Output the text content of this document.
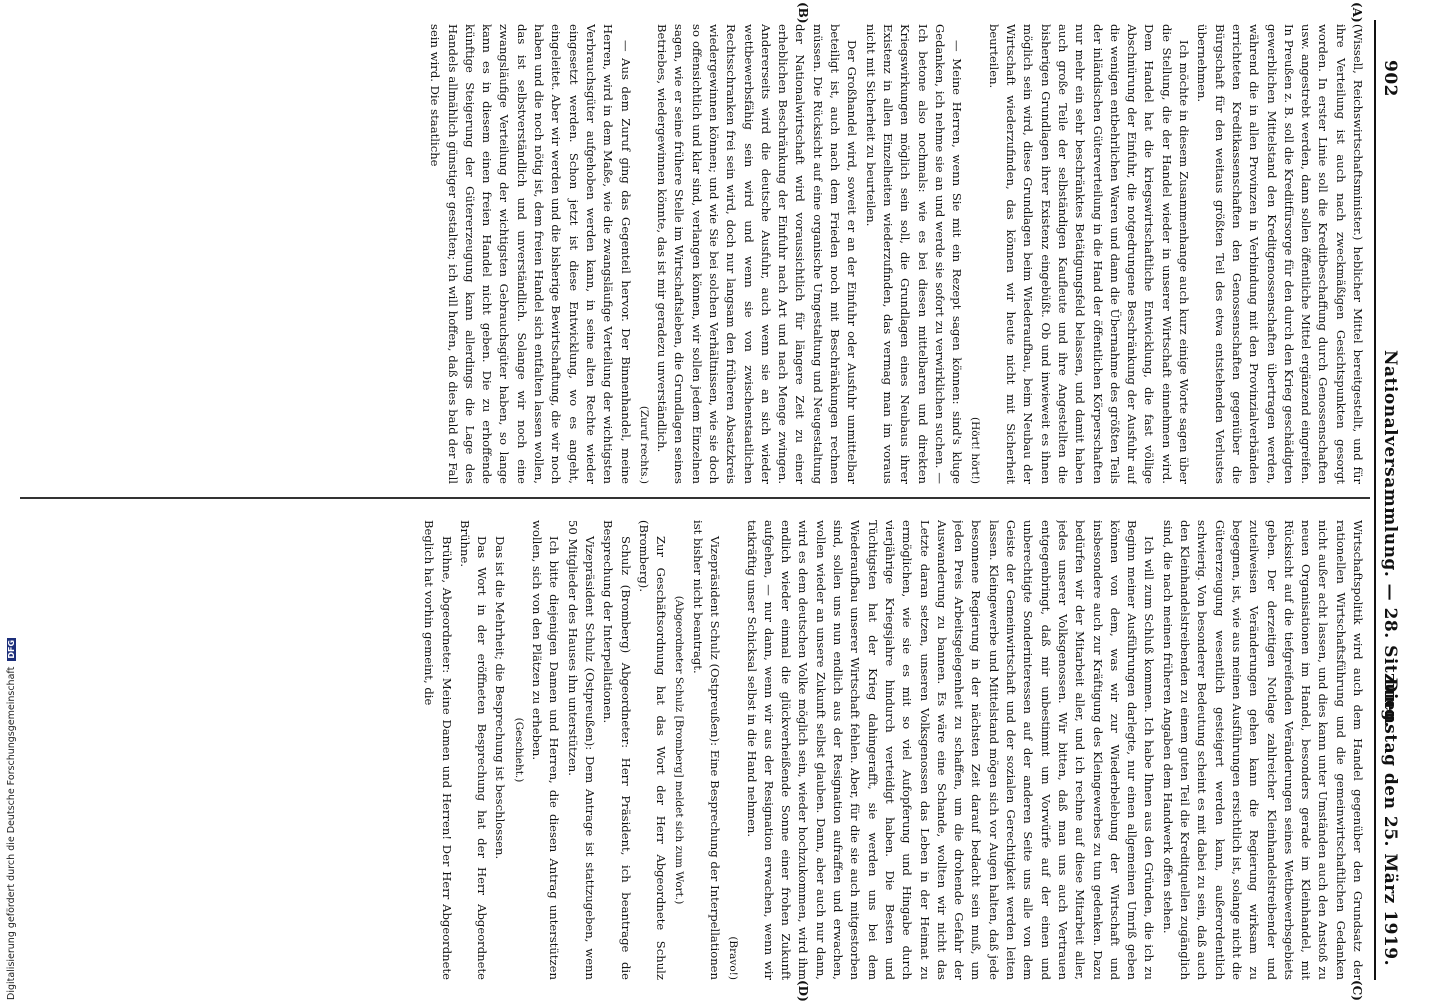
902
Nationalversammlung. — 28. Sitzung.
Dienstag den 25. März 1919.
(A)
(B)
(C)
(D)

(Wissell, Reichswirtschaftsminister.) heblicher Mittel bereitgestellt, und für ihre Verteilung ist auch nach zweckmäßigen Gesichtspunkten gesorgt worden. In erster Linie soll die Kreditbeschaffung durch Genossenschaften usw. angestrebt werden, dann sollen öffentliche Mittel ergänzend eingreifen. In Preußen z. B. soll die Kreditfürsorge für den durch den Krieg geschädigten gewerblichen Mittelstand den Kreditgenossenschaften übertragen werden, während die in allen Provinzen in Verbindung mit den Provinzialverbänden errichteten Kreditkassenschaften den Genossenschaften gegenüber die Bürgschaft für den weitaus größten Teil des etwa entstehenden Verlustes übernehmen.

Ich möchte in diesem Zusammenhange auch kurz einige Worte sagen über die Stellung, die der Handel wieder in unserer Wirtschaft einnehmen wird. Dem Handel hat die kriegswirtschaftliche Entwicklung, die fast völlige Abschnürung der Einfuhr, die notgedrungene Beschränkung der Ausfuhr auf die wenigen entbehrlichen Waren und dann die Übernahme des größten Teils der inländischen Güterverteilung in die Hand der öffentlichen Körperschaften nur mehr ein sehr beschränktes Betätigungsfeld belassen, und damit haben auch große Teile der selbständigen Kaufleute und ihre Angestellten die bisherigen Grundlagen ihrer Existenz eingebüßt. Ob und inwieweit es ihnen möglich sein wird, diese Grundlagen beim Wiederaufbau, beim Neubau der Wirtschaft wiederzufinden, das können wir heute nicht mit Sicherheit beurteilen.

(Hört! hört!)

— Meine Herren, wenn Sie mit ein Rezept sagen können: sind's kluge Gedanken, ich nehme sie an und werde sie sofort zu verwirklichen suchen. — Ich betone also nochmals: wie es bei diesen mittelbaren und direkten Kriegswirkungen möglich sein soll, die Grundlagen eines Neubaus ihrer Existenz in allen Einzelheiten wiederzufinden, das vermag man im voraus nicht mit Sicherheit zu beurteilen.

Der Großhandel wird, soweit er an der Einfuhr oder Ausfuhr unmittelbar beteiligt ist, auch nach dem Frieden noch mit Beschränkungen rechnen müssen. Die Rücksicht auf eine organische Umgestaltung und Neugestaltung der Nationalwirtschaft wird voraussichtlich für längere Zeit zu einer erheblichen Beschränkung der Einfuhr nach Art und nach Menge zwingen. Andererseits wird die deutsche Ausfuhr, auch wenn sie an sich wieder wettbewerbsfähig sein wird und wenn sie von zwischenstaatlichen Rechtsschranken frei sein wird, doch nur langsam den früheren Absatzkreis wiedergewinnen können; und wie Sie bei solchen Verhältnissen, wie sie doch so offensichtlich und klar sind, verlangen können, wir sollen jedem Einzelnen sagen, wie er seine frühere Stelle im Wirtschaftsleben, die Grundlagen seines Betriebes, wiedergewinnen könnte, das ist mir geradezu unverständlich.

(Zuruf rechts.)

— Aus dem Zuruf ging das Gegenteil hervor. Der Binnenhandel, meine Herren, wird in dem Maße, wie die zwangsläufige Verteilung der wichtigsten Verbrauchsgüter aufgehoben werden kann, in seine alten Rechte wieder eingesetzt werden. Schon jetzt ist diese Entwicklung, wo es angeht, eingeleitet. Aber wir werden und die bisherige Bewirtschaftung, die wir noch haben und die noch nötig ist, dem freien Handel sich entfalten lassen wollen, das ist selbstverständlich und unverständlich. Solange wir noch eine zwangsläufige Verteilung der wichtigsten Gebrauchsgüter haben, so lange kann es in diesem einen freien Handel nicht geben. Die zu erhoffende künftige Steigerung der Gütererzeugung kann allerdings die Lage des Handels allmählich günstiger gestalten; ich will hoffen, daß dies bald der Fall sein wird. Die staatliche

Wirtschaftspolitik wird auch dem Handel gegenüber den Grundsatz der rationellen Wirtschaftsführung und die gemeinwirtschaftlichen Gedanken nicht außer acht lassen, und dies kann unter Umständen auch den Anstoß zu neuen Organisationen im Handel, besonders gerade im Kleinhandel, mit Rücksicht auf die tiefgreifenden Veränderungen seines Wettbewerbsgebiets geben. Der derzeitigen Notlage zahlreicher Kleinhandelstreibender und zuteilweisen Veränderungen gehen kann die Regierung wirksam zu begegnen, ist, wie aus meinen Ausführungen ersichtlich ist, solange nicht die Gütererzeugung wesentlich gesteigert werden kann, außerordentlich schwierig. Von besonderer Bedeutung scheint es mit dabei zu sein, daß auch den Kleinhandelstreibenden zu einem guten Teil die Kreditquellen zugänglich sind, die nach meinen früheren Angaben dem Handwerk offen stehen.

Ich will zum Schluß kommen. Ich habe Ihnen aus den Gründen, die ich zu Beginn meiner Ausführungen darlegte, nur einen allgemeinen Umriß geben können von dem, was wir zur Wiederbelebung der Wirtschaft und insbesondere auch zur Kräftigung des Kleingewerbes zu tun gedenken. Dazu bedürfen wir der Mitarbeit aller, und ich rechne auf diese Mitarbeit aller, jedes unserer Volksgenossen. Wir bitten, daß man uns auch Vertrauen entgegenbringt, daß mir unbestimmt um Vorwürfe auf der einen und unberechtigte Sonderinteressen auf der anderen Seite uns alle von dem Geiste der Gemeinwirtschaft und der sozialen Gerechtigkeit werden leiten lassen. Kleingewerbe und Mittelstand mögen sich vor Augen halten, daß jede besonnene Regierung in der nächsten Zeit darauf bedacht sein muß, um jeden Preis Arbeitsgelegenheit zu schaffen, um die drohende Gefahr der Auswanderung zu bannen. Es wäre eine Schande, wollten wir nicht das Letzte daran setzen, unseren Volksgenossen das Leben in der Heimat zu ermöglichen, wie sie es mit so viel Aufopferung und Hingabe durch vierjährige Kriegsjahre hindurch verteidigt haben. Die Besten und Tüchtigsten hat der Krieg dahingerafft, sie werden uns bei dem Wiederaufbau unserer Wirtschaft fehlen. Aber, für die sie auch mitgestorben sind, sollen uns nun endlich aus der Resignation aufraffen und erwachen, wollen wieder an unsere Zukunft selbst glauben. Dann, aber auch nur dann, wird es dem deutschen Volke möglich sein, wieder hochzukommen, wird ihm endlich wieder einmal die glückverheißende Sonne einer frohen Zukunft aufgehen, — nur dann, wenn wir aus der Resignation erwachen, wenn wir tatkräftig unser Schicksal selbst in die Hand nehmen.

(Bravo!)

Vizepräsident Schulz (Ostpreußen): Eine Besprechung der Interpellationen ist bisher nicht beantragt.

(Abgeordneter Schulz [Bromberg] meldet sich zum Wort.)

Zur Geschäftsordnung hat das Wort der Herr Abgeordnete Schulz (Bromberg).

Schulz (Bromberg) Abgeordneter: Herr Präsident, ich beantrage die Besprechung der Interpellationen.

Vizepräsident Schulz (Ostpreußen): Dem Antrage ist stattzugeben, wenn 50 Mitglieder des Hauses ihn unterstützen.

Ich bitte diejenigen Damen und Herren, die diesen Antrag unterstützen wollen, sich von den Plätzen zu erheben.

(Geschieht.)

Das ist die Mehrheit; die Besprechung ist beschlossen.

Das Wort in der eröffneten Besprechung hat der Herr Abgeordnete Brühne.

Brühne, Abgeordneter: Meine Damen und Herren! Der Herr Abgeordnete Beglich hat vorhin gemeint, die

Digitalisierung gefördert durch die Deutsche Forschungsgemeinschaft DFG
